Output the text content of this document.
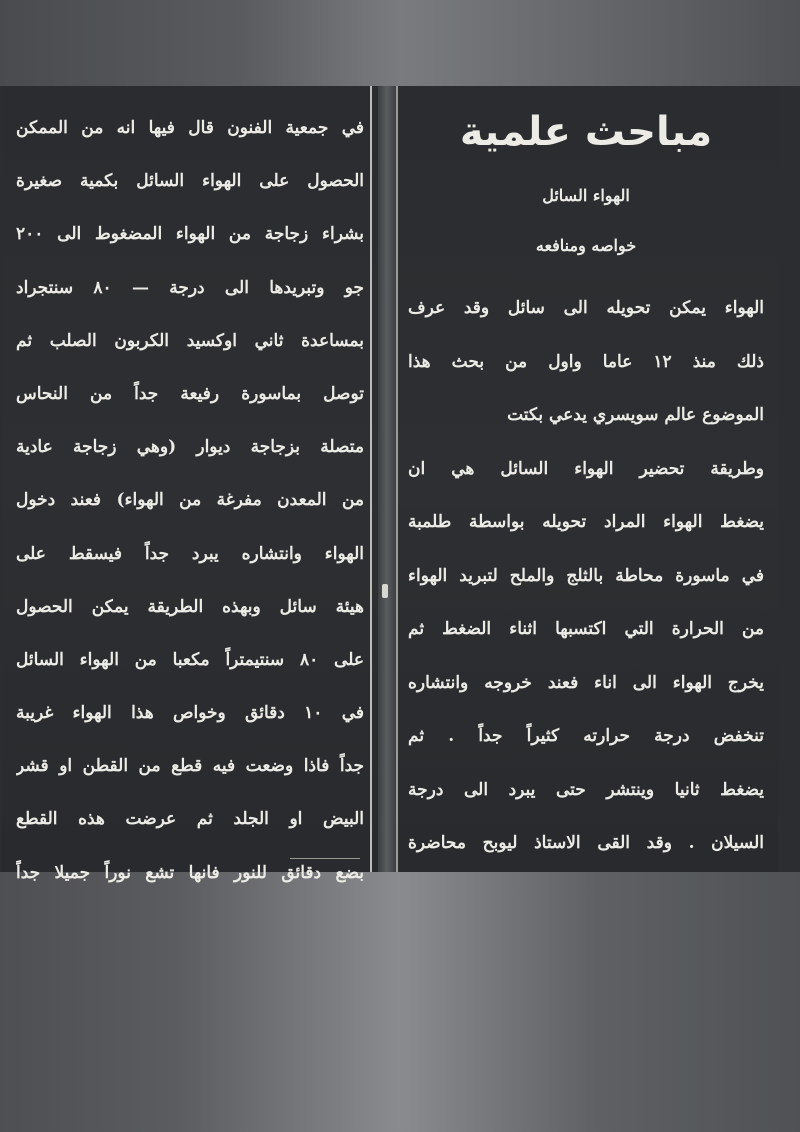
في جمعية الفنون قال فيها انه من الممكن
الحصول على الهواء السائل بكمية صغيرة
بشراء زجاجة من الهواء المضغوط الى ٢٠٠
جو وتبريدها الى درجة — ٨٠ سنتجراد
بمساعدة ثاني اوكسيد الكربون الصلب ثم
توصل بماسورة رفيعة جداً من النحاس
متصلة بزجاجة ديوار (وهي زجاجة عادية
من المعدن مفرغة من الهواء) فعند دخول
الهواء وانتشاره يبرد جداً فيسقط على
هيئة سائل وبهذه الطريقة يمكن الحصول
على ٨٠ سنتيمتراً مكعبا من الهواء السائل
في ١٠ دقائق وخواص هذا الهواء غريبة
جداً فاذا وضعت فيه قطع من القطن او قشر
البيض او الجلد ثم عرضت هذه القطع
بضع دقائق للنور فانها تشع نوراً جميلا جداً
مباحث علمية
الهواء السائل
خواصه ومنافعه
الهواء يمكن تحويله الى سائل وقد عرف
ذلك منذ ١٢ عاما واول من بحث هذا
الموضوع عالم سويسري يدعي بكتت
وطريقة تحضير الهواء السائل هي ان
يضغط الهواء المراد تحويله بواسطة طلمبة
في ماسورة محاطة بالثلج والملح لتبريد الهواء
من الحرارة التي اكتسبها اثناء الضغط ثم
يخرج الهواء الى اناء فعند خروجه وانتشاره
تنخفض درجة حرارته كثيراً جداً . ثم
يضغط ثانيا وينتشر حتى يبرد الى درجة
السيلان . وقد القى الاستاذ ليوبح محاضرة
